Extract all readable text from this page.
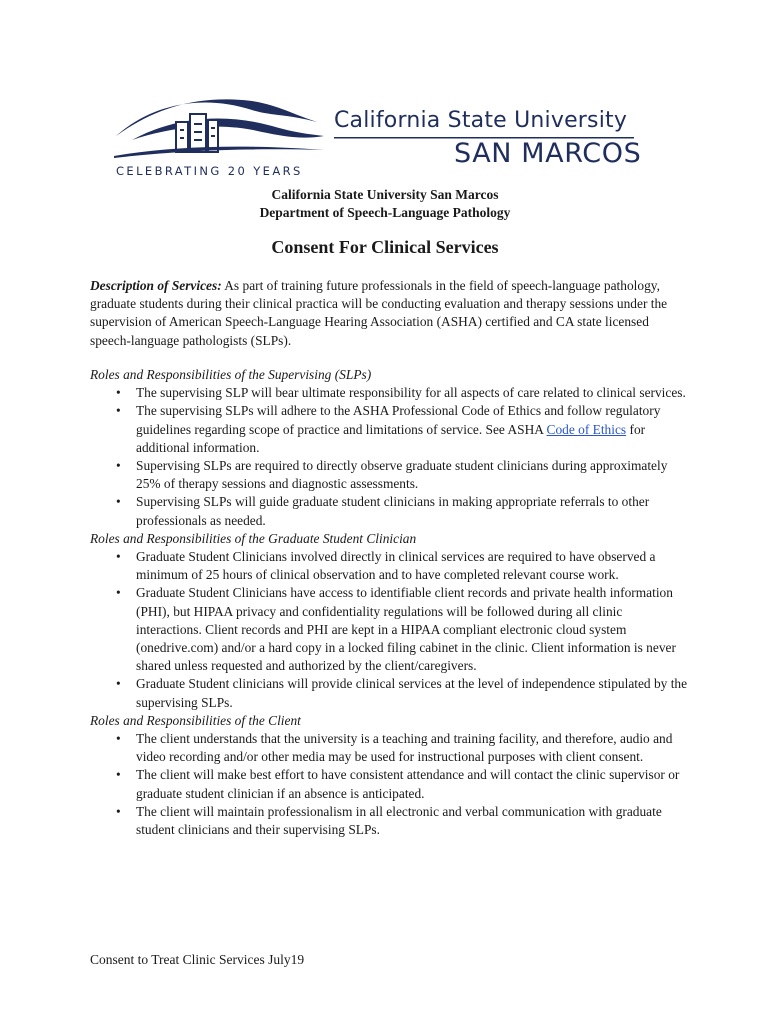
California State University

SAN MARCOS

CELEBRATING 20 YEARS

California State University San Marcos
Department of Speech-Language Pathology
Consent For Clinical Services

Description of Services: As part of training future professionals in the field of speech-language pathology, graduate students during their clinical practica will be conducting evaluation and therapy sessions under the supervision of American Speech-Language Hearing Association (ASHA) certified and CA state licensed speech-language pathologists (SLPs).

Roles and Responsibilities of the Supervising (SLPs)

• The supervising SLP will bear ultimate responsibility for all aspects of care related to clinical services.
• The supervising SLPs will adhere to the ASHA Professional Code of Ethics and follow regulatory guidelines regarding scope of practice and limitations of service. See ASHA Code of Ethics for additional information.
• Supervising SLPs are required to directly observe graduate student clinicians during approximately 25% of therapy sessions and diagnostic assessments.
• Supervising SLPs will guide graduate student clinicians in making appropriate referrals to other professionals as needed.

Roles and Responsibilities of the Graduate Student Clinician

• Graduate Student Clinicians involved directly in clinical services are required to have observed a minimum of 25 hours of clinical observation and to have completed relevant course work.
• Graduate Student Clinicians have access to identifiable client records and private health information (PHI), but HIPAA privacy and confidentiality regulations will be followed during all clinic interactions. Client records and PHI are kept in a HIPAA compliant electronic cloud system (onedrive.com) and/or a hard copy in a locked filing cabinet in the clinic. Client information is never shared unless requested and authorized by the client/caregivers.
• Graduate Student clinicians will provide clinical services at the level of independence stipulated by the supervising SLPs.

Roles and Responsibilities of the Client

• The client understands that the university is a teaching and training facility, and therefore, audio and video recording and/or other media may be used for instructional purposes with client consent.
• The client will make best effort to have consistent attendance and will contact the clinic supervisor or graduate student clinician if an absence is anticipated.
• The client will maintain professionalism in all electronic and verbal communication with graduate student clinicians and their supervising SLPs.

Consent to Treat Clinic Services July19
